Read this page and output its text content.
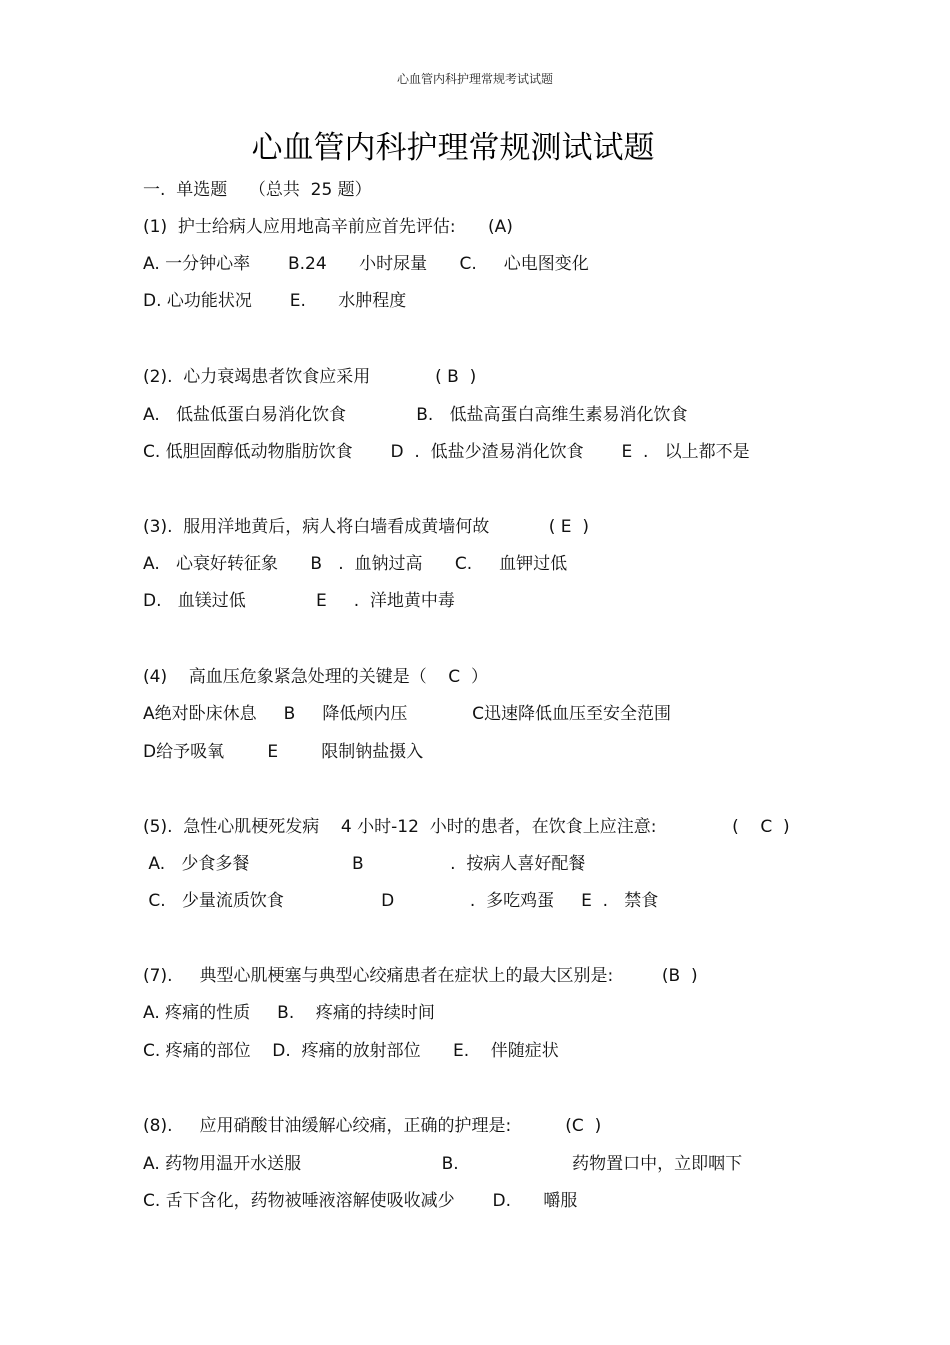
心血管内科护理常规考试试题
心血管内科护理常规测试试题
一.  单选题    （总共  25 题）
(1)  护士给病人应用地高辛前应首先评估:      (A)
A. 一分钟心率       B.24      小时尿量      C.     心电图变化
D. 心功能状况       E.      水肿程度
(2).  心力衰竭患者饮食应采用            ( B  )
A.   低盐低蛋白易消化饮食             B.   低盐高蛋白高维生素易消化饮食
C. 低胆固醇低动物脂肪饮食       D  .  低盐少渣易消化饮食       E  .   以上都不是
(3).  服用洋地黄后，病人将白墙看成黄墙何故           ( E  )
A.   心衰好转征象      B   .  血钠过高      C.     血钾过低
D.   血镁过低             E     .  洋地黄中毒
(4)    高血压危象紧急处理的关键是（    C  ）
A绝对卧床休息     B     降低颅内压            C迅速降低血压至安全范围
D给予吸氧        E        限制钠盐摄入
(5).  急性心肌梗死发病    4 小时-12  小时的患者，在饮食上应注意:              (    C  )
A.   少食多餐                   B                .  按病人喜好配餐
C.   少量流质饮食                  D              .  多吃鸡蛋     E  .   禁食
(7).     典型心肌梗塞与典型心绞痛患者在症状上的最大区别是:         (B  )
A. 疼痛的性质     B.    疼痛的持续时间
C. 疼痛的部位    D.  疼痛的放射部位      E.    伴随症状
(8).     应用硝酸甘油缓解心绞痛，正确的护理是:          (C  )
A. 药物用温开水送服                          B.                     药物置口中，立即咽下
C. 舌下含化，药物被唾液溶解使吸收减少       D.      嚼服
